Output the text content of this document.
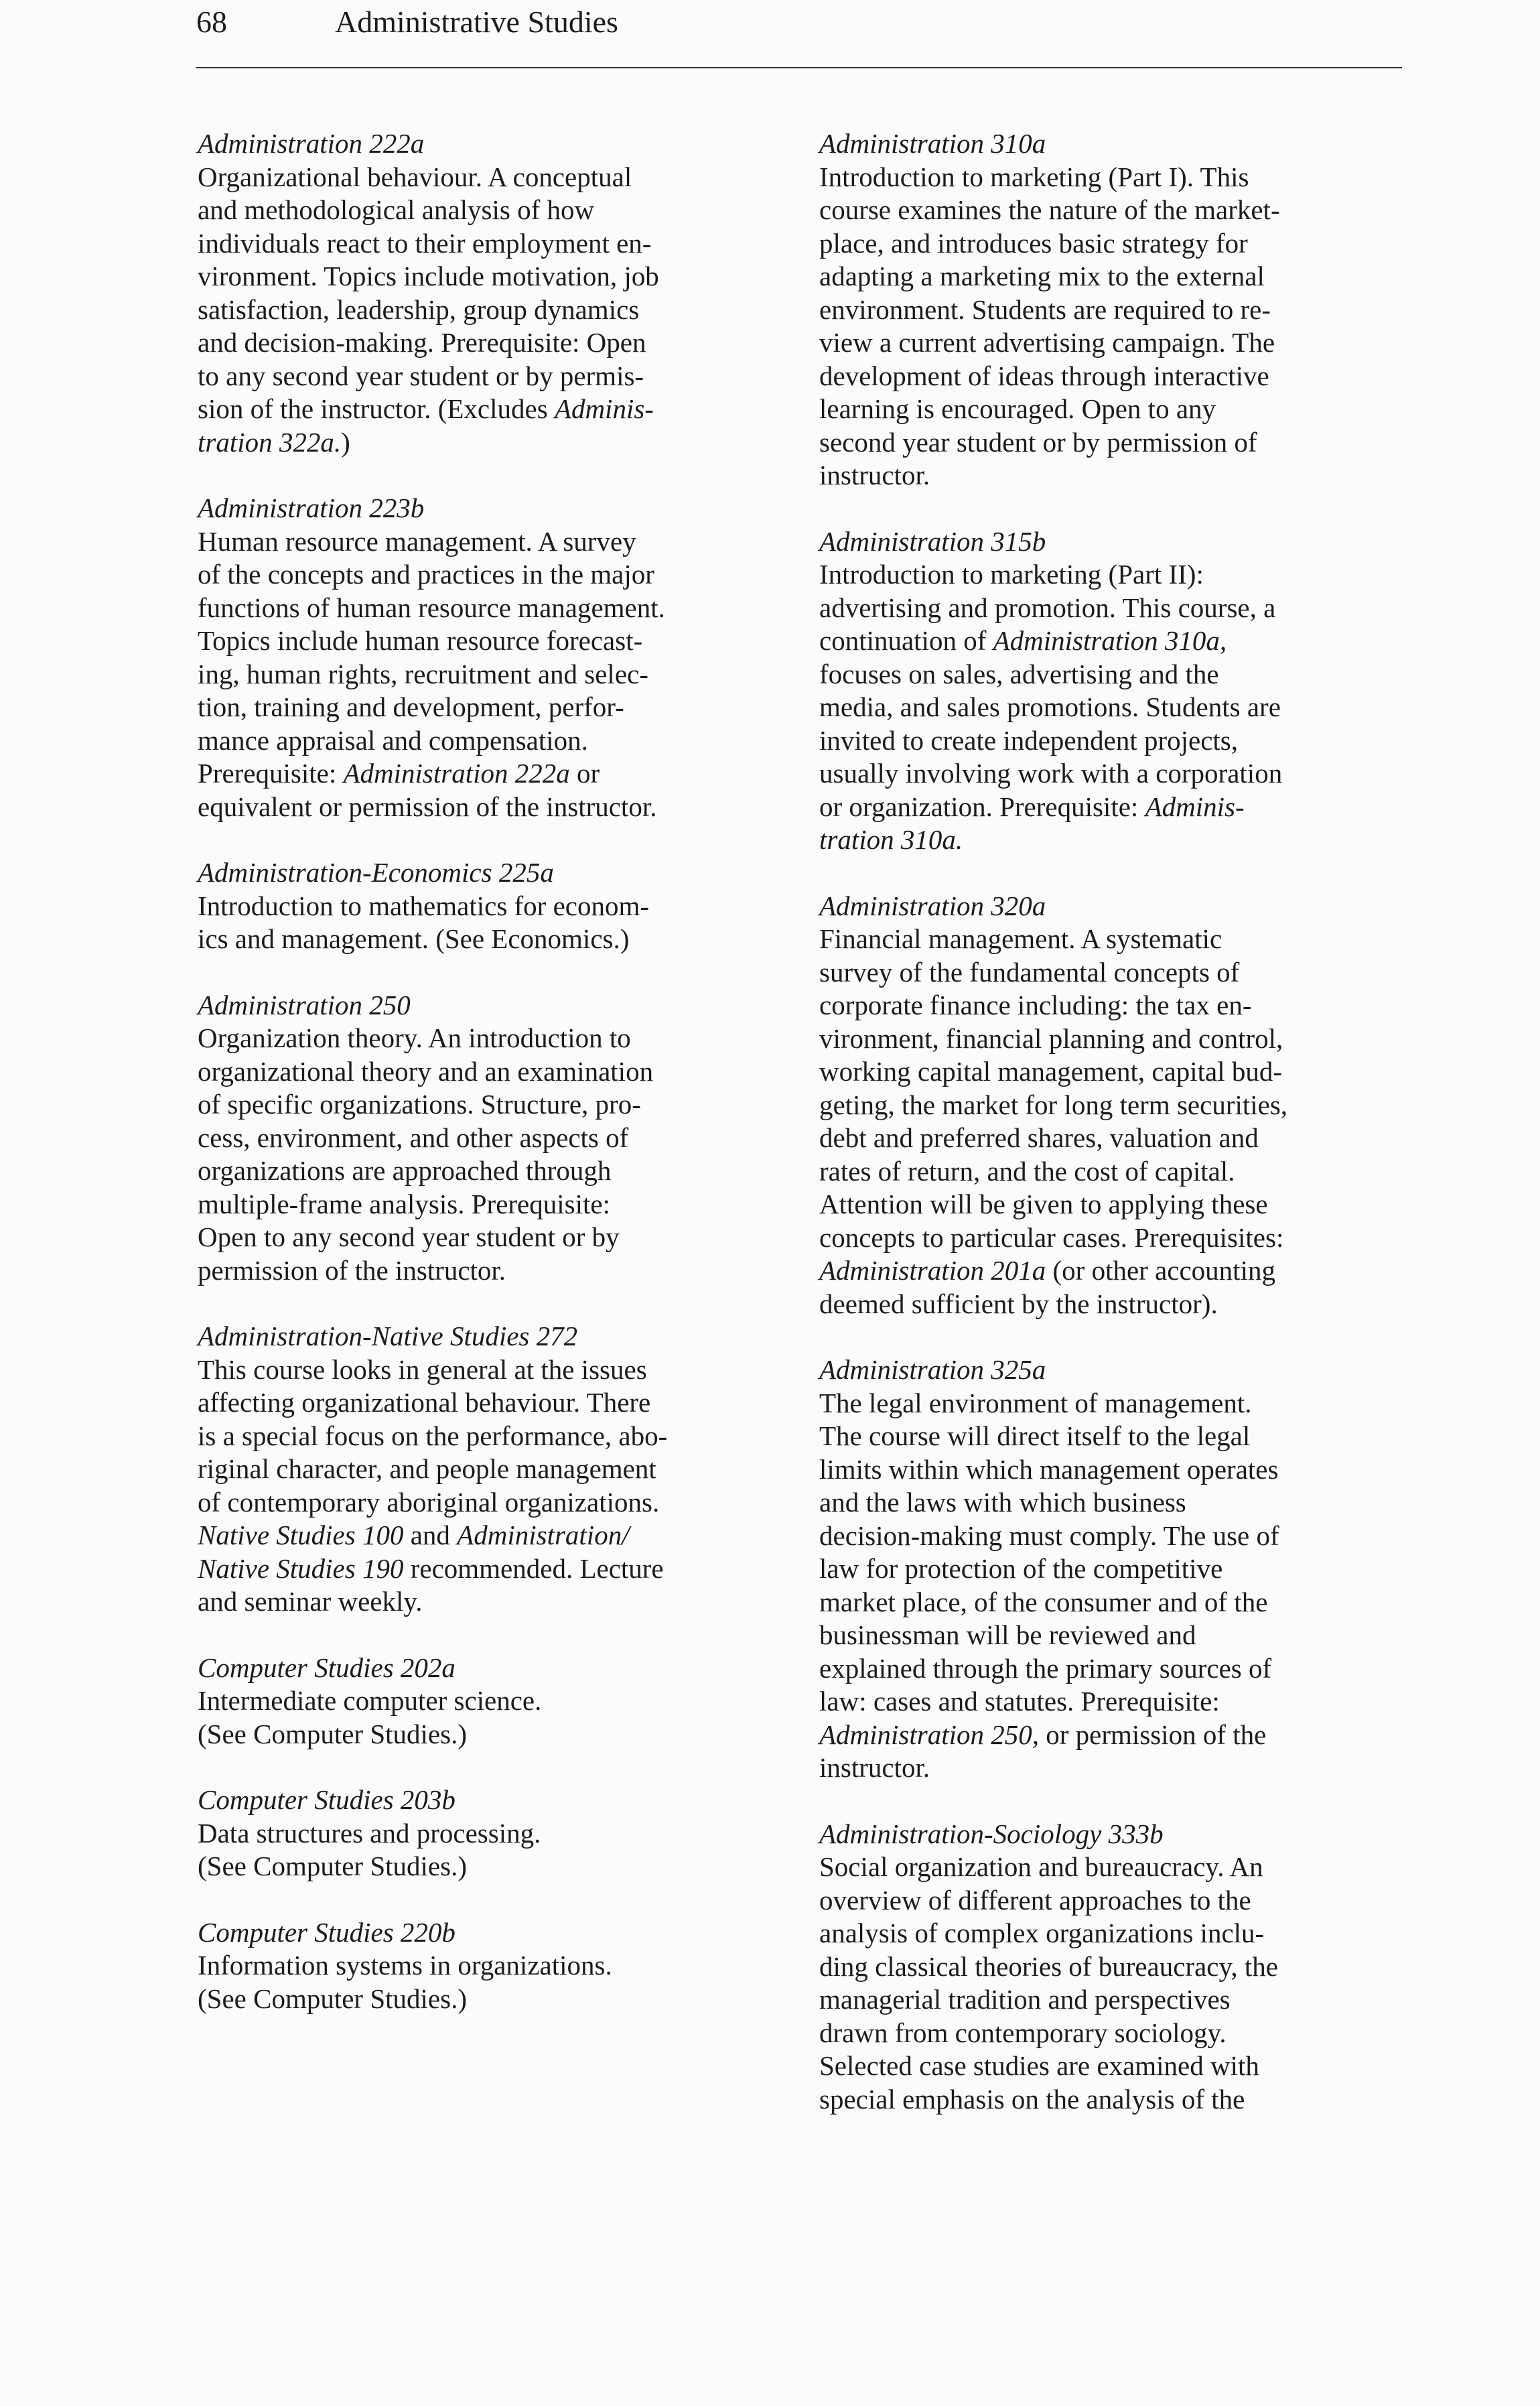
68	Administrative Studies
Administration 222a
Organizational behaviour. A conceptual
and methodological analysis of how
individuals react to their employment en-
vironment. Topics include motivation, job
satisfaction, leadership, group dynamics
and decision-making. Prerequisite: Open
to any second year student or by permis-
sion of the instructor. (Excludes Adminis-
tration 322a.)
Administration 223b
Human resource management. A survey
of the concepts and practices in the major
functions of human resource management.
Topics include human resource forecast-
ing, human rights, recruitment and selec-
tion, training and development, perfor-
mance appraisal and compensation.
Prerequisite: Administration 222a or
equivalent or permission of the instructor.
Administration-Economics 225a
Introduction to mathematics for econom-
ics and management. (See Economics.)
Administration 250
Organization theory. An introduction to
organizational theory and an examination
of specific organizations. Structure, pro-
cess, environment, and other aspects of
organizations are approached through
multiple-frame analysis. Prerequisite:
Open to any second year student or by
permission of the instructor.
Administration-Native Studies 272
This course looks in general at the issues
affecting organizational behaviour. There
is a special focus on the performance, abo-
riginal character, and people management
of contemporary aboriginal organizations.
Native Studies 100 and Administration/
Native Studies 190 recommended. Lecture
and seminar weekly.
Computer Studies 202a
Intermediate computer science.
(See Computer Studies.)
Computer Studies 203b
Data structures and processing.
(See Computer Studies.)
Computer Studies 220b
Information systems in organizations.
(See Computer Studies.)
Administration 310a
Introduction to marketing (Part I). This
course examines the nature of the market-
place, and introduces basic strategy for
adapting a marketing mix to the external
environment. Students are required to re-
view a current advertising campaign. The
development of ideas through interactive
learning is encouraged. Open to any
second year student or by permission of
instructor.
Administration 315b
Introduction to marketing (Part II):
advertising and promotion. This course, a
continuation of Administration 310a,
focuses on sales, advertising and the
media, and sales promotions. Students are
invited to create independent projects,
usually involving work with a corporation
or organization. Prerequisite: Adminis-
tration 310a.
Administration 320a
Financial management. A systematic
survey of the fundamental concepts of
corporate finance including: the tax en-
vironment, financial planning and control,
working capital management, capital bud-
geting, the market for long term securities,
debt and preferred shares, valuation and
rates of return, and the cost of capital.
Attention will be given to applying these
concepts to particular cases. Prerequisites:
Administration 201a (or other accounting
deemed sufficient by the instructor).
Administration 325a
The legal environment of management.
The course will direct itself to the legal
limits within which management operates
and the laws with which business
decision-making must comply. The use of
law for protection of the competitive
market place, of the consumer and of the
businessman will be reviewed and
explained through the primary sources of
law: cases and statutes. Prerequisite:
Administration 250, or permission of the
instructor.
Administration-Sociology 333b
Social organization and bureaucracy. An
overview of different approaches to the
analysis of complex organizations inclu-
ding classical theories of bureaucracy, the
managerial tradition and perspectives
drawn from contemporary sociology.
Selected case studies are examined with
special emphasis on the analysis of the
